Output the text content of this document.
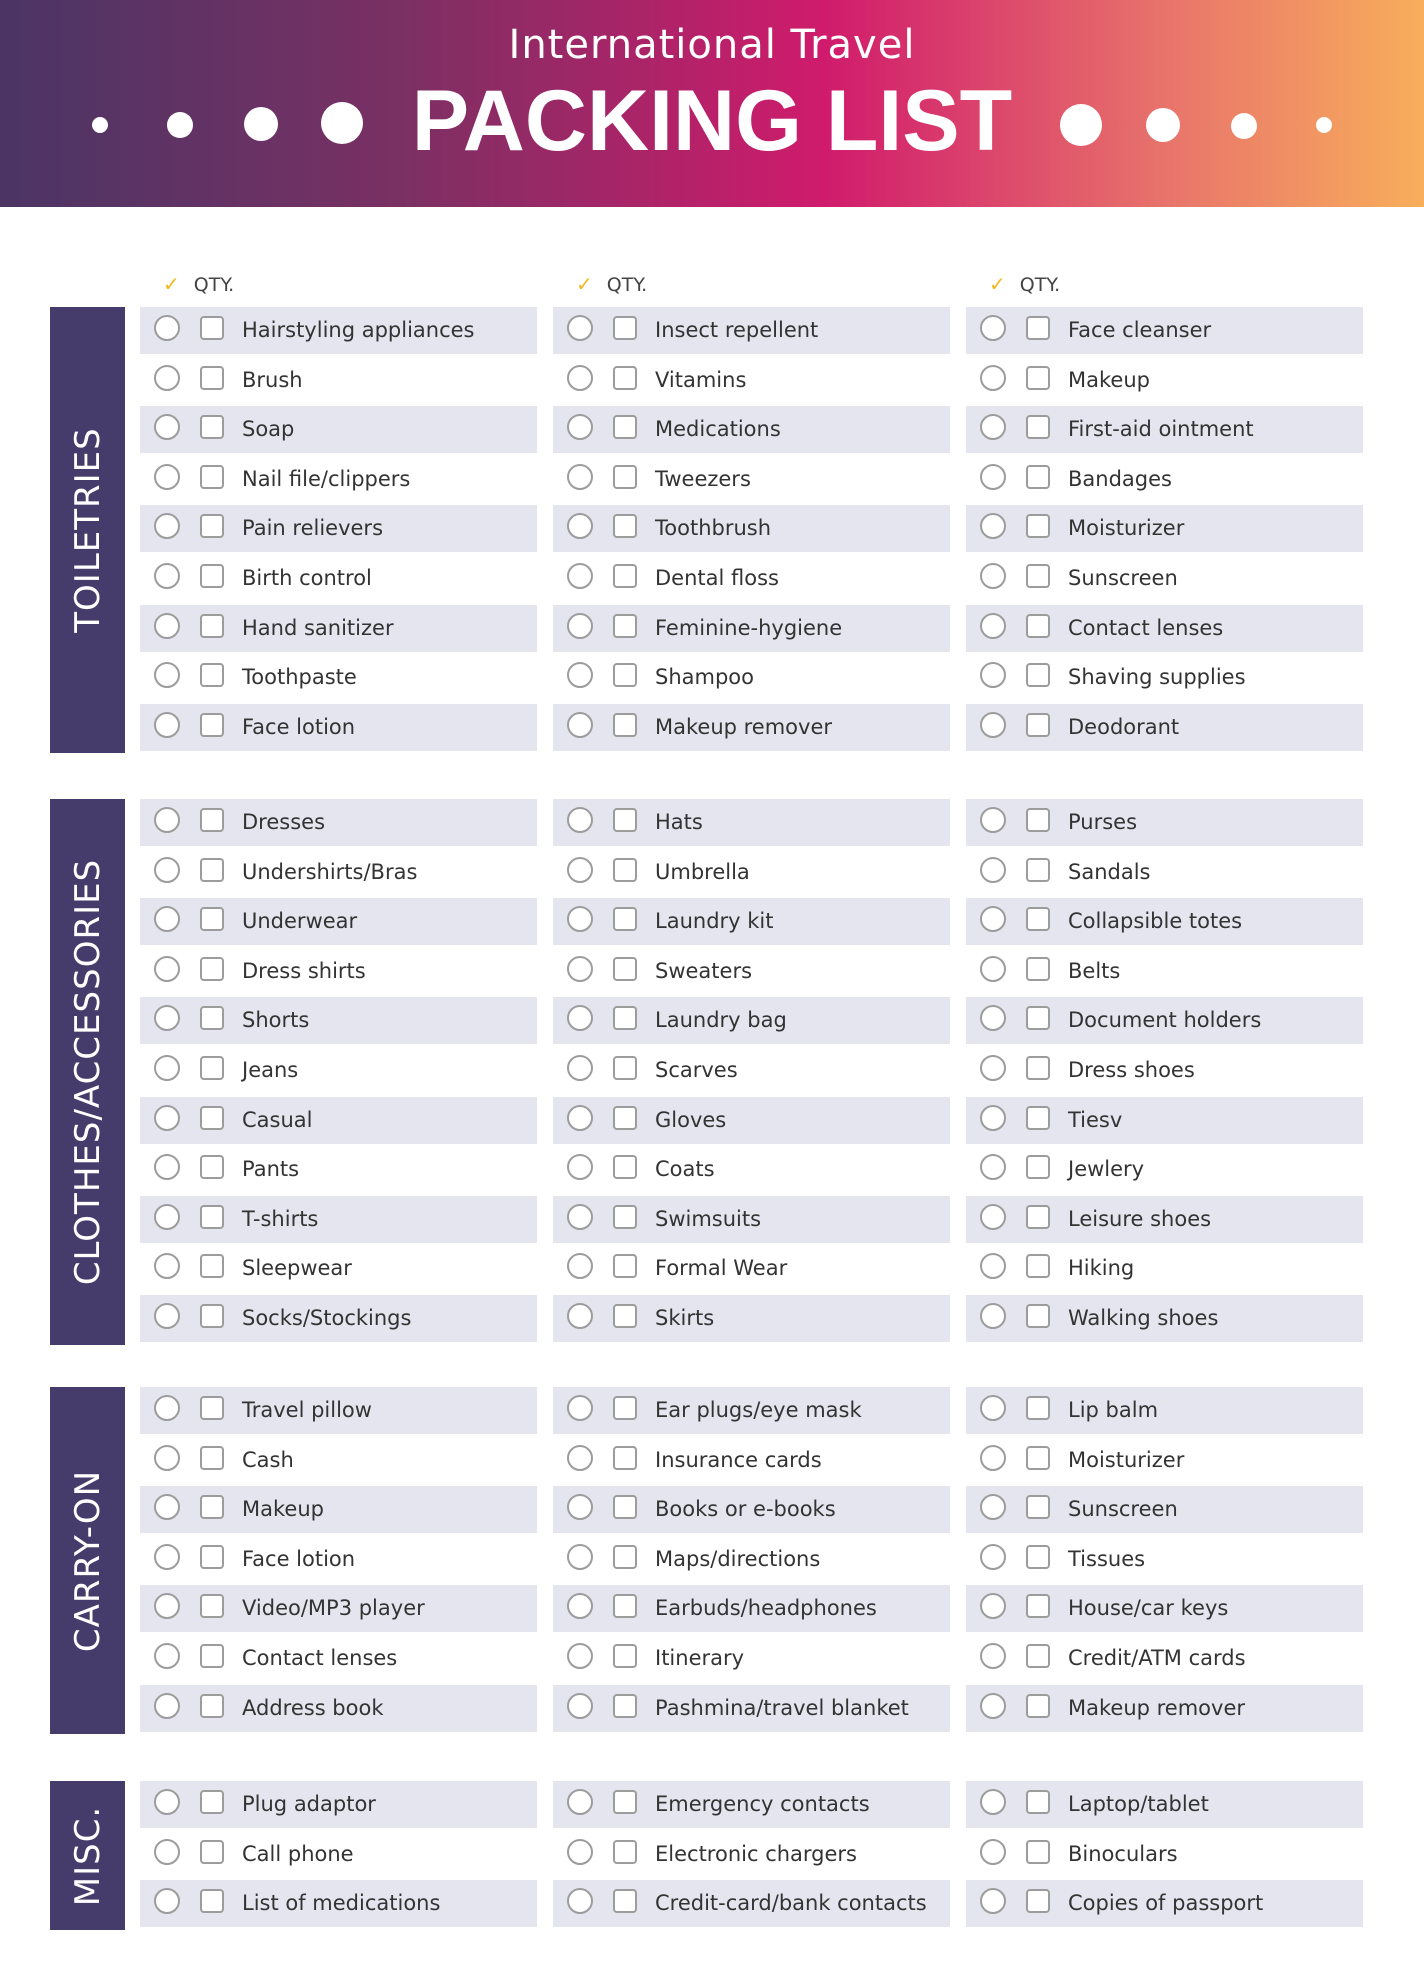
International Travel
PACKING LIST
✓ QTY.	✓ QTY.	✓ QTY.
TOILETRIES
Hairstyling appliances
Brush
Soap
Nail file/clippers
Pain relievers
Birth control
Hand sanitizer
Toothpaste
Face lotion
Insect repellent
Vitamins
Medications
Tweezers
Toothbrush
Dental floss
Feminine-hygiene
Shampoo
Makeup remover
Face cleanser
Makeup
First-aid ointment
Bandages
Moisturizer
Sunscreen
Contact lenses
Shaving supplies
Deodorant
CLOTHES/ACCESSORIES
Dresses
Undershirts/Bras
Underwear
Dress shirts
Shorts
Jeans
Casual
Pants
T-shirts
Sleepwear
Socks/Stockings
Hats
Umbrella
Laundry kit
Sweaters
Laundry bag
Scarves
Gloves
Coats
Swimsuits
Formal Wear
Skirts
Purses
Sandals
Collapsible totes
Belts
Document holders
Dress shoes
Tiesv
Jewlery
Leisure shoes
Hiking
Walking shoes
CARRY-ON
Travel pillow
Cash
Makeup
Face lotion
Video/MP3 player
Contact lenses
Address book
Ear plugs/eye mask
Insurance cards
Books or e-books
Maps/directions
Earbuds/headphones
Itinerary
Pashmina/travel blanket
Lip balm
Moisturizer
Sunscreen
Tissues
House/car keys
Credit/ATM cards
Makeup remover
MISC.
Plug adaptor
Call phone
List of medications
Emergency contacts
Electronic chargers
Credit-card/bank contacts
Laptop/tablet
Binoculars
Copies of passport
